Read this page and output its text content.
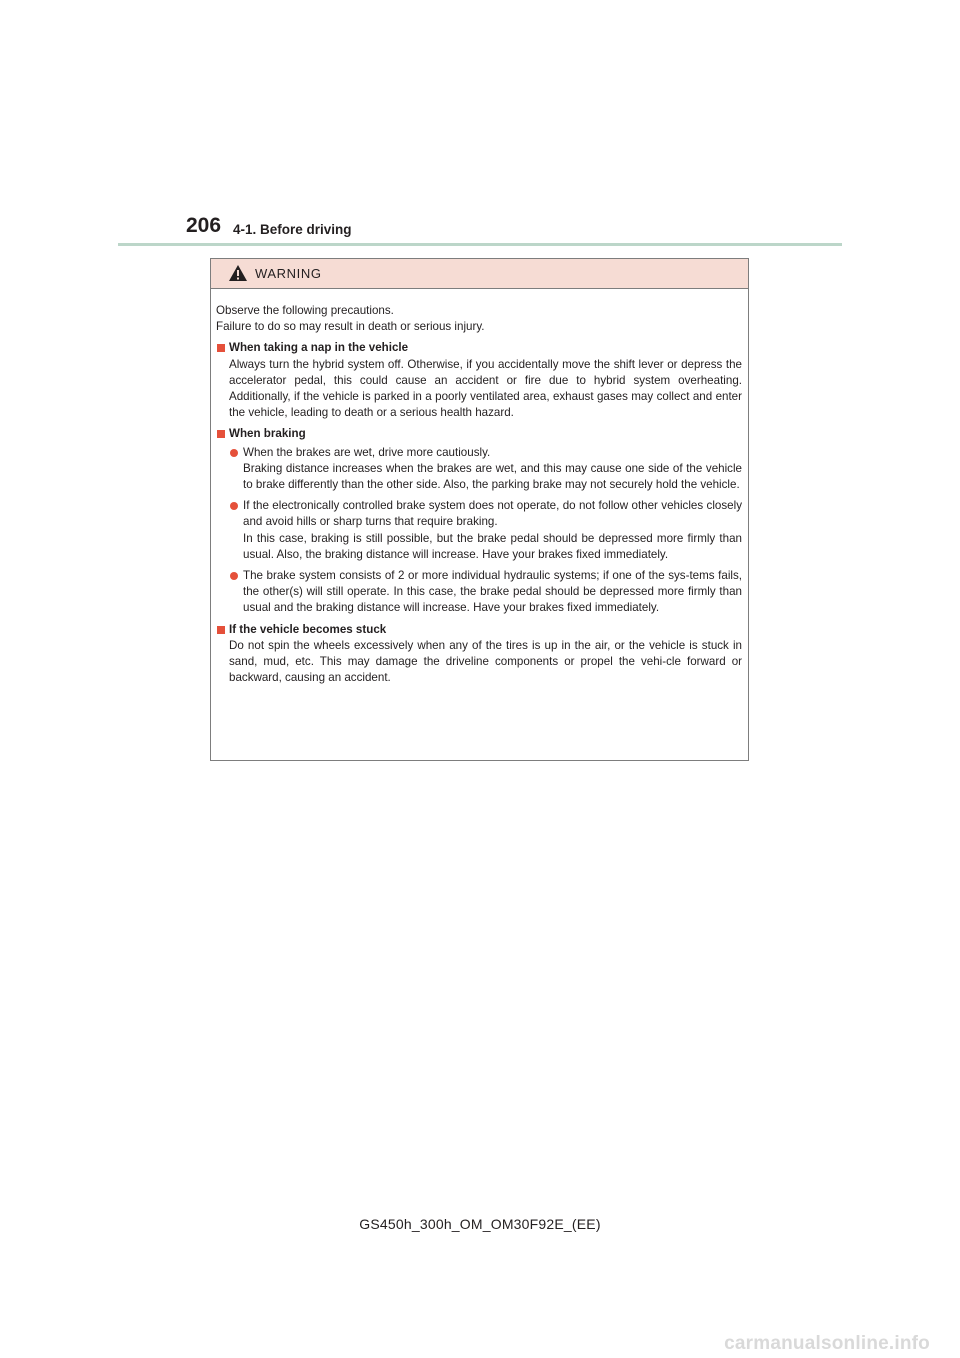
206 4-1. Before driving
WARNING

Observe the following precautions.

Failure to do so may result in death or serious injury.

When taking a nap in the vehicle

Always turn the hybrid system off. Otherwise, if you accidentally move the shift lever or depress the accelerator pedal, this could cause an accident or fire due to hybrid system overheating. Additionally, if the vehicle is parked in a poorly ventilated area, exhaust gases may collect and enter the vehicle, leading to death or a serious health hazard.

When braking

When the brakes are wet, drive more cautiously.

Braking distance increases when the brakes are wet, and this may cause one side of the vehicle to brake differently than the other side. Also, the parking brake may not securely hold the vehicle.

If the electronically controlled brake system does not operate, do not follow other vehicles closely and avoid hills or sharp turns that require braking.

In this case, braking is still possible, but the brake pedal should be depressed more firmly than usual. Also, the braking distance will increase. Have your brakes fixed immediately.

The brake system consists of 2 or more individual hydraulic systems; if one of the sys-tems fails, the other(s) will still operate. In this case, the brake pedal should be depressed more firmly than usual and the braking distance will increase. Have your brakes fixed immediately.

If the vehicle becomes stuck

Do not spin the wheels excessively when any of the tires is up in the air, or the vehicle is stuck in sand, mud, etc. This may damage the driveline components or propel the vehi-cle forward or backward, causing an accident.

GS450h_300h_OM_OM30F92E_(EE)
carmanualsonline.info
